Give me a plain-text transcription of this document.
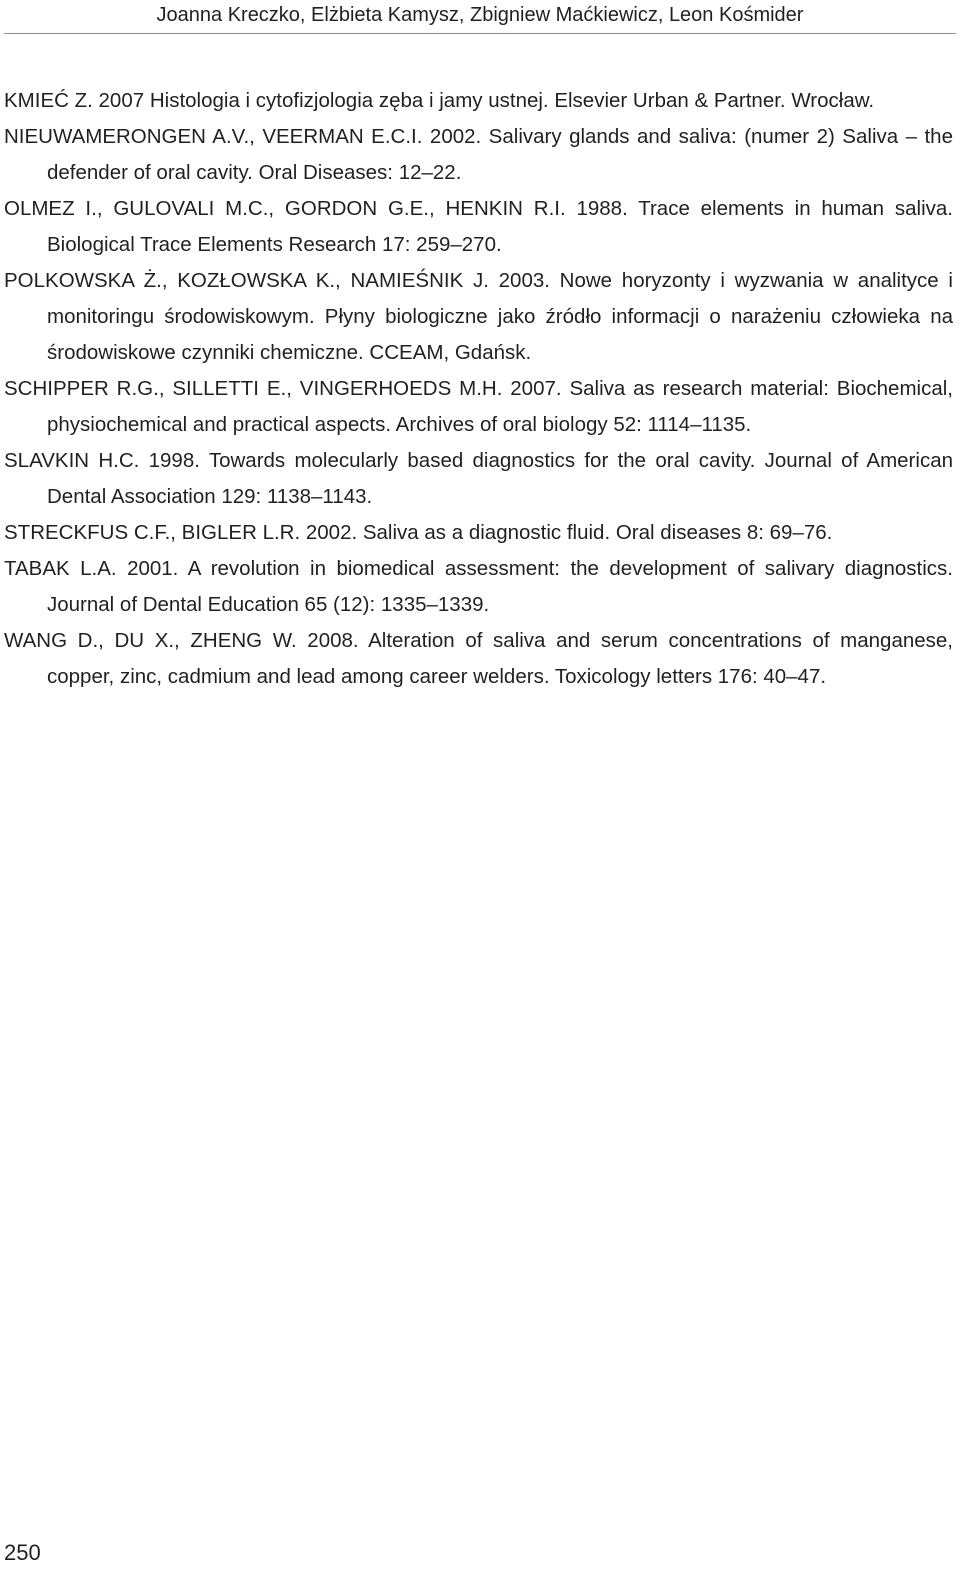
Joanna Kreczko, Elżbieta Kamysz, Zbigniew Maćkiewicz, Leon Kośmider
KMIEĆ Z. 2007 Histologia i cytofizjologia zęba i jamy ustnej. Elsevier Urban & Partner. Wrocław.
NIEUWAMERONGEN A.V., VEERMAN E.C.I. 2002. Salivary glands and saliva: (numer 2) Saliva – the defender of oral cavity. Oral Diseases: 12–22.
OLMEZ I., GULOVALI M.C., GORDON G.E., HENKIN R.I. 1988. Trace elements in human saliva. Biological Trace Elements Research 17: 259–270.
POLKOWSKA Ż., KOZŁOWSKA K., NAMIEŚNIK J. 2003. Nowe horyzonty i wyzwania w analityce i monitoringu środowiskowym. Płyny biologiczne jako źródło informacji o narażeniu człowieka na środowiskowe czynniki chemiczne. CCEAM, Gdańsk.
SCHIPPER R.G., SILLETTI E., VINGERHOEDS M.H. 2007. Saliva as research material: Biochemical, physiochemical and practical aspects. Archives of oral biology 52: 1114–1135.
SLAVKIN H.C. 1998. Towards molecularly based diagnostics for the oral cavity. Journal of American Dental Association 129: 1138–1143.
STRECKFUS C.F., BIGLER L.R. 2002. Saliva as a diagnostic fluid. Oral diseases 8: 69–76.
TABAK L.A. 2001. A revolution in biomedical assessment: the development of salivary diagnostics. Journal of Dental Education 65 (12): 1335–1339.
WANG D., DU X., ZHENG W. 2008. Alteration of saliva and serum concentrations of manganese, copper, zinc, cadmium and lead among career welders. Toxicology letters 176: 40–47.
250
